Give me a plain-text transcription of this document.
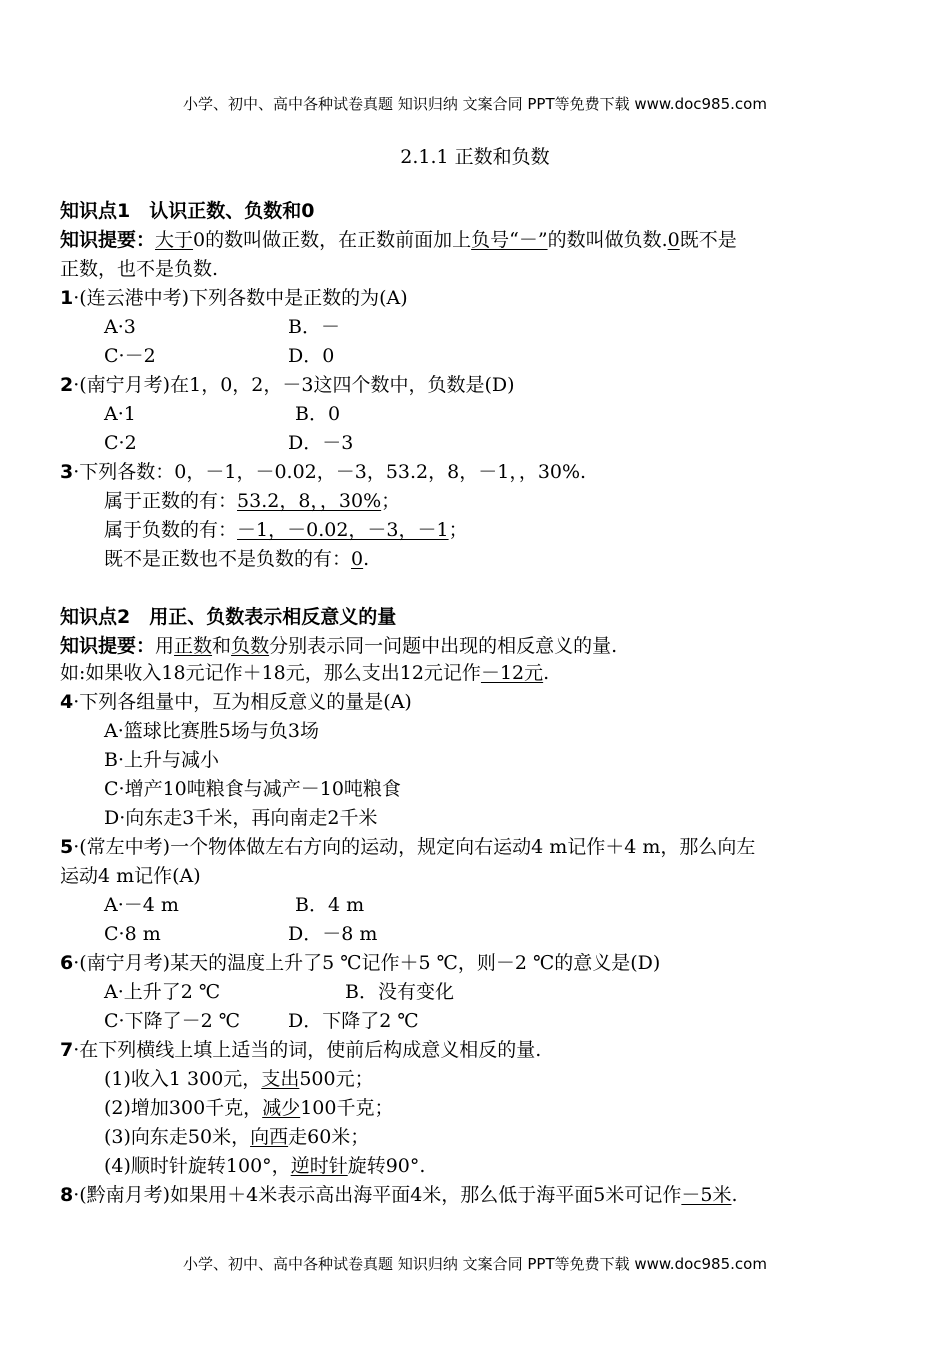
小学、初中、高中各种试卷真题 知识归纳 文案合同 PPT等免费下载 www.doc985.com
2.1.1 正数和负数
知识点1　认识正数、负数和0
知识提要：大于0的数叫做正数，在正数前面加上负号“－”的数叫做负数.0既不是
正数，也不是负数.
1·(连云港中考)下列各数中是正数的为(A)
A·3	B．－
C·－2	D．0
2·(南宁月考)在1，0，2，－3这四个数中，负数是(D)
A·1	B．0
C·2	D．－3
3·下列各数：0，－1，－0.02，－3，53.2，8，－1，，30%.
属于正数的有：53.2，8，，30%；
属于负数的有：－1，－0.02，－3，－1；
既不是正数也不是负数的有：0.
知识点2　用正、负数表示相反意义的量
知识提要：用正数和负数分别表示同一问题中出现的相反意义的量.
如:如果收入18元记作＋18元，那么支出12元记作－12元.
4·下列各组量中，互为相反意义的量是(A)
A·篮球比赛胜5场与负3场
B·上升与减小
C·增产10吨粮食与减产－10吨粮食
D·向东走3千米，再向南走2千米
5·(常左中考)一个物体做左右方向的运动，规定向右运动4 m记作＋4 m，那么向左
运动4 m记作(A)
A·－4 m	B．4 m
C·8 m	D．－8 m
6·(南宁月考)某天的温度上升了5 ℃记作＋5 ℃，则－2 ℃的意义是(D)
A·上升了2 ℃	B．没有变化
C·下降了－2 ℃	D．下降了2 ℃
7·在下列横线上填上适当的词，使前后构成意义相反的量.
(1)收入1 300元，支出500元；
(2)增加300千克，减少100千克；
(3)向东走50米，向西走60米；
(4)顺时针旋转100°，逆时针旋转90°.
8·(黔南月考)如果用＋4米表示高出海平面4米，那么低于海平面5米可记作－5米.
小学、初中、高中各种试卷真题 知识归纳 文案合同 PPT等免费下载 www.doc985.com
